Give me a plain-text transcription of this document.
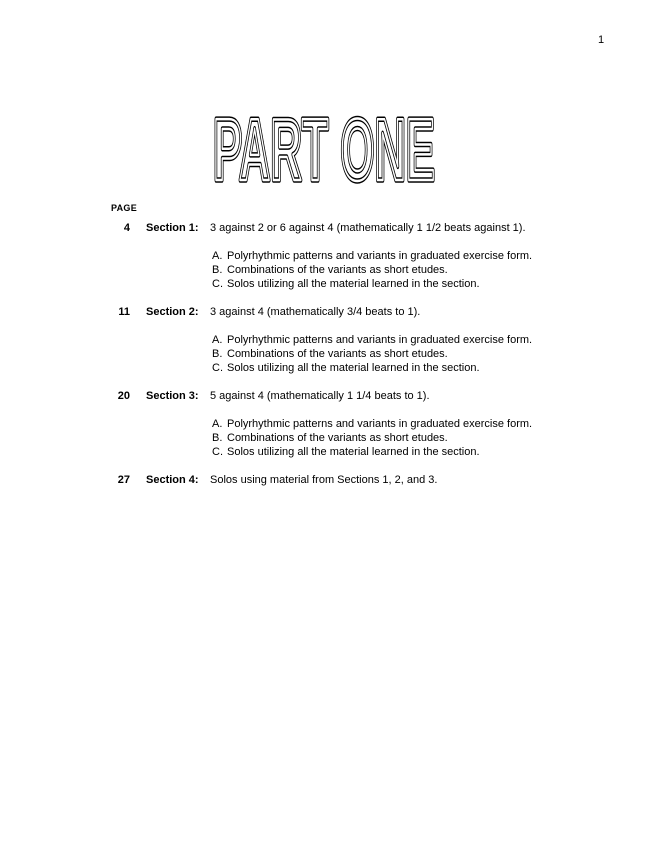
1
PART ONE
PART ONE
PAGE
4 Section 1: 3 against 2 or 6 against 4 (mathematically 1 1/2 beats against 1).
A. Polyrhythmic patterns and variants in graduated exercise form.
B. Combinations of the variants as short etudes.
C. Solos utilizing all the material learned in the section.
11 Section 2: 3 against 4 (mathematically 3/4 beats to 1).
A. Polyrhythmic patterns and variants in graduated exercise form.
B. Combinations of the variants as short etudes.
C. Solos utilizing all the material learned in the section.
20 Section 3: 5 against 4 (mathematically 1 1/4 beats to 1).
A. Polyrhythmic patterns and variants in graduated exercise form.
B. Combinations of the variants as short etudes.
C. Solos utilizing all the material learned in the section.
27 Section 4: Solos using material from Sections 1, 2, and 3.
